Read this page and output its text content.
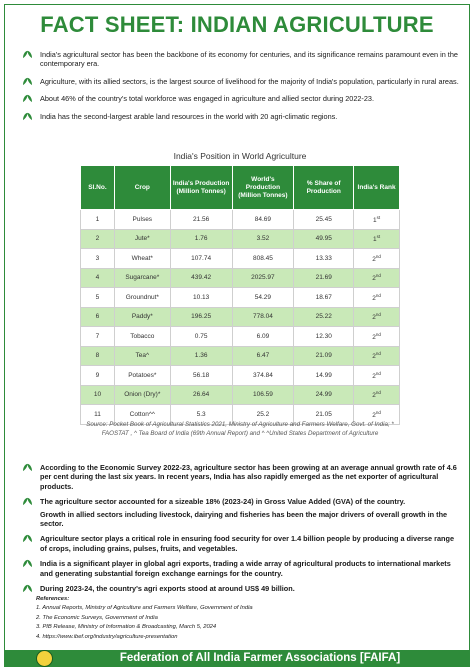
FACT SHEET: INDIAN AGRICULTURE
India's agricultural sector has been the backbone of its economy for centuries, and its significance remains paramount even in the contemporary era.
Agriculture, with its allied sectors, is the largest source of livelihood for the majority of India's population, particularly in rural areas.
About 46% of the country's total workforce was engaged in agriculture and allied sector during 2022-23.
India has the second-largest arable land resources in the world with 20 agri-climatic regions.
India's Position in World Agriculture
Sl.No.	Crop	India's Production (Million Tonnes)	World's Production (Million Tonnes)	% Share of Production	India's Rank
1	Pulses	21.56	84.69	25.45	1st
2	Jute*	1.76	3.52	49.95	1st
3	Wheat*	107.74	808.45	13.33	2nd
4	Sugarcane*	439.42	2025.97	21.69	2nd
5	Groundnut*	10.13	54.29	18.67	2nd
6	Paddy*	196.25	778.04	25.22	2nd
7	Tobacco	0.75	6.09	12.30	2nd
8	Tea^	1.36	6.47	21.09	2nd
9	Potatoes*	56.18	374.84	14.99	2nd
10	Onion (Dry)*	26.64	106.59	24.99	2nd
11	Cotton^^	5.3	25.2	21.05	2nd
Source: Pocket Book of Agricultural Statistics 2021, Ministry of Agriculture and Farmers Welfare, Govt. of India; * FAOSTAT , ^ Tea Board of India (69th Annual Report) and ^ ^United States Department of Agriculture
According to the Economic Survey 2022-23, agriculture sector has been growing at an average annual growth rate of 4.6 per cent during the last six years. In recent years, India has also rapidly emerged as the net exporter of agricultural products.
The agriculture sector accounted for a sizeable 18% (2023-24) in Gross Value Added (GVA) of the country.
Growth in allied sectors including livestock, dairying and fisheries has been the major drivers of overall growth in the sector.
Agriculture sector plays a critical role in ensuring food security for over 1.4 billion people by producing a diverse range of crops, including grains, pulses, fruits, and vegetables.
India is a significant player in global agri exports, trading a wide array of agricultural products to international markets and generating substantial foreign exchange earnings for the country.
During 2023-24, the country's agri exports stood at around US$ 49 billion.
References:
1. Annual Reports, Ministry of Agriculture and Farmers Welfare, Government of India
2. The Economic Surveys, Government of India
3. PIB Release, Ministry of Information & Broadcasting, March 5, 2024
4. https://www.ibef.org/industry/agriculture-presentation
Federation of All India Farmer Associations [FAIFA]
